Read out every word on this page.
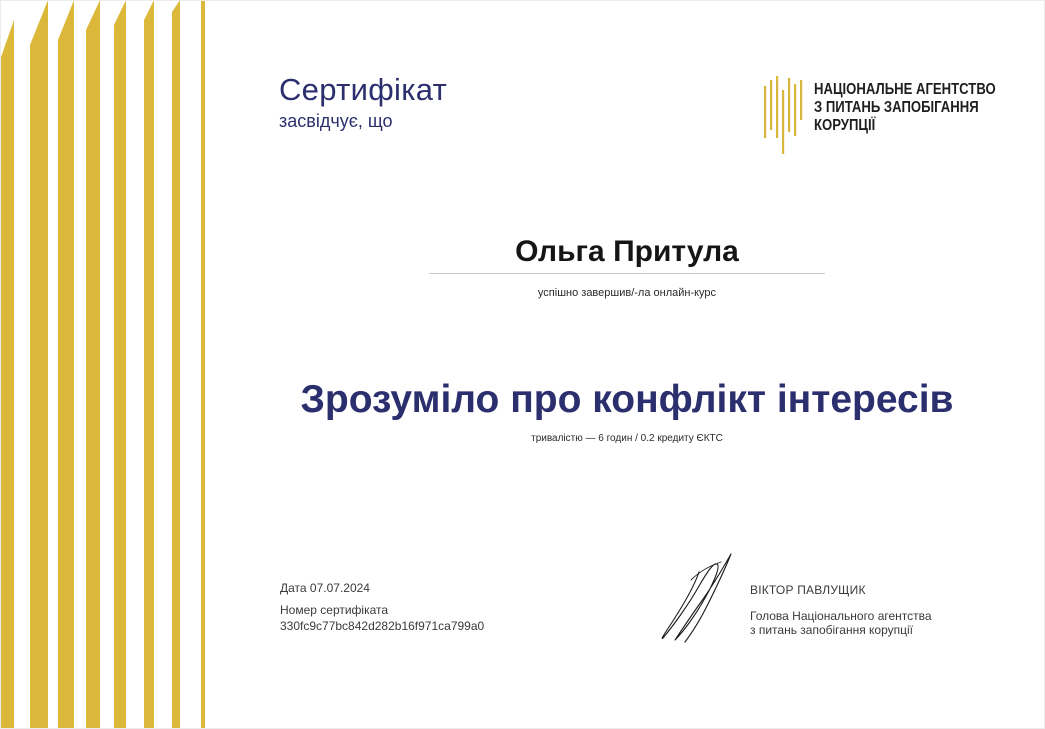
Сертифікат
засвідчує, що
НАЦІОНАЛЬНЕ АГЕНТСТВО
З ПИТАНЬ ЗАПОБІГАННЯ
КОРУПЦІЇ
Ольга Притула
успішно завершив/-ла онлайн-курс
Зрозуміло про конфлікт інтересів
тривалістю — 6 годин / 0.2 кредиту ЄКТС
Дата 07.07.2024
Номер сертифіката
330fc9c77bc842d282b16f971ca799a0
ВІКТОР ПАВЛУЩИК
Голова Національного агентства
з питань запобігання корупції
